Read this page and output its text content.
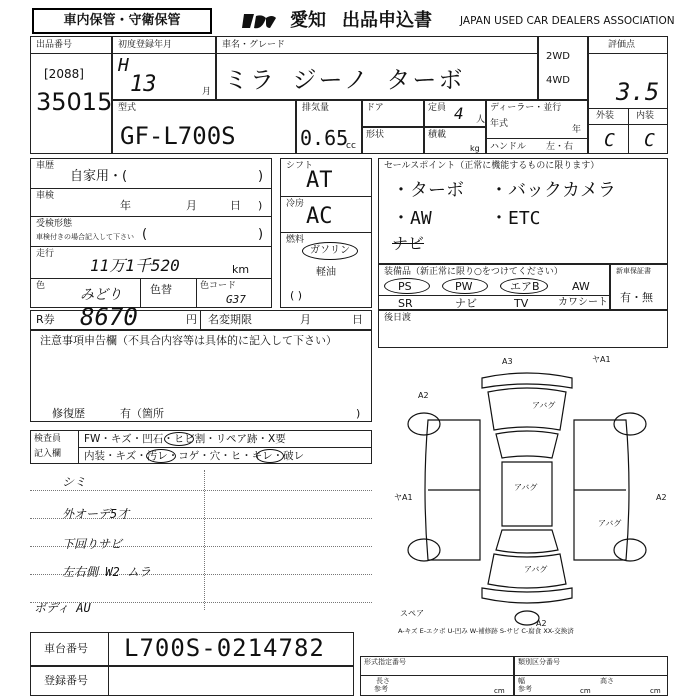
車内保管・守衛保管	愛知 出品申込書	JAPAN USED CAR DEALERS ASSOCIATION
出品番号
[2088]
35015
初度登録年月
H
13	月
車名・グレード
ミラ ジーノ ターボ
2WD
4WD
評価点
3.5
外装 内装
C C
型式
GF-L700S
排気量
0.65
cc
ドア	定員 4 人
ディーラー・並行
年式
年
ハンドル 左・右
形状	積載
kg
車歴
自家用・(	)
車検
年	月	日 )
受検形態
車検付きの場合記入して下さい (	)
走行
11万1千520	km
色
みどり	色替	色コード
G37
シフト
AT
冷房 AC
燃料
ガソリン
軽油
( )
セールスポイント（正常に機能するものに限ります）
・ターボ ・バックカメラ
・AW	・ETC
ナビ
装備品（新正常に限り○をつけてください）
PS	PW	エアB	AW
SR	ナビ	TV	カワシート
新車保証書
有・無
R券 8670	円 名変期限	月	日 後日渡
注意事項申告欄（不具合内容等は具体的に記入して下さい）
修復歴	有（箇所	)
検査員
記入欄
FW・キズ・凹石・ヒビ割・リペア跡・X要
内装・キズ・汚レ・コゲ・穴・ヒ・キレ・破レ
シミ
外オーデ5才
下回りサビ
左右側 W2 ムラ
ボディ AU
A3	ヤA1
A2
アバグ
ヤA1	A2
アバグ
アバグ
アバグ
A2
スペア
A-キズ E-エクボ U-凹み W-補修跡 S-サビ C-腐食 XX-交換済
車台番号 L700S-0214782
登録番号
形式指定番号
参考
長さ
cm
類別区分番号
幅
参考	cm
高さ
cm
